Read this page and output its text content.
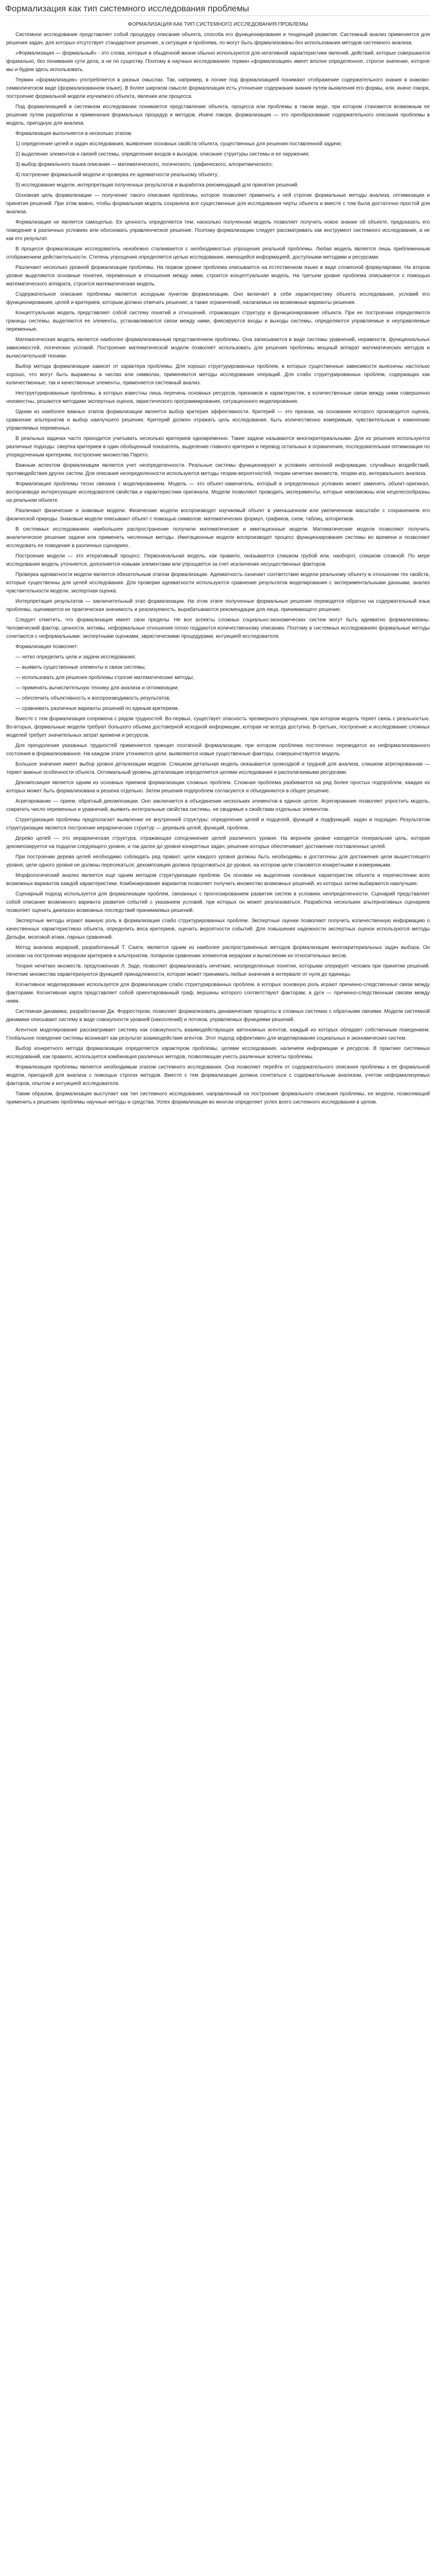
Формализация как тип системного исследования проблемы

ФОРМАЛИЗАЦИЯ КАК ТИП СИСТЕМНОГО ИССЛЕДОВАНИЯ ПРОБЛЕМЫ

Системное исследование представляет собой процедуру описания объекта, способа его функционирования и тенденций развития. Системный анализ применяется для решения задач, для которых отсутствует стандартное решение, а ситуация и проблема, по могут быть формализованы без использования методов системного анализа.

«Формализация — формальный» - это слова, которые в обыденной жизни обычно используются для негативной характеристики явлений, действий, которые совершаются формально, без понимания сути дела, а не по существу. Поэтому в научных исследованиях термин «формализация» имеет вполне определенное, строгое значение, которое мы и будем здесь использовать.

Термин «формализация» употребляется в разных смыслах. Так, например, в логике под формализацией понимают отображение содержательного знания в знаково-символическом виде (формализованном языке). В более широком смысле формализация есть уточнение содержания знания путем выявления его формы, или, иначе говоря, построение формальной модели изучаемого объекта, явления или процесса.

Под формализацией в системном исследовании понимается представление объекта, процесса или проблемы в таком виде, при котором становится возможным ее решение путем разработки и применения формальных процедур и методов. Иначе говоря, формализация — это преобразование содержательного описания проблемы в модель, пригодную для анализа.

Формализация выполняется в несколько этапов:

1) определение целей и задач исследования, выявление основных свойств объекта, существенных для решения поставленной задачи;

2) выделение элементов и связей системы, определение входов и выходов, описание структуры системы и ее окружения;

3) выбор формального языка описания — математического, логического, графического, алгоритмического;

4) построение формальной модели и проверка ее адекватности реальному объекту;

5) исследование модели, интерпретация полученных результатов и выработка рекомендаций для принятия решений.

Основная цель формализации — получение такого описания проблемы, которое позволяет применить к ней строгие формальные методы анализа, оптимизации и принятия решений. При этом важно, чтобы формальная модель сохраняла все существенные для исследования черты объекта и вместе с тем была достаточно простой для анализа.

Формализация не является самоцелью. Ее ценность определяется тем, насколько полученная модель позволяет получить новое знание об объекте, предсказать его поведение в различных условиях или обосновать управленческое решение. Поэтому формализацию следует рассматривать как инструмент системного исследования, а не как его результат.

В процессе формализации исследователь неизбежно сталкивается с необходимостью упрощения реальной проблемы. Любая модель является лишь приближенным отображением действительности. Степень упрощения определяется целью исследования, имеющейся информацией, доступными методами и ресурсами.

Различают несколько уровней формализации проблемы. На первом уровне проблема описывается на естественном языке в виде словесной формулировки. На втором уровне выделяются основные понятия, переменные и отношения между ними, строится концептуальная модель. На третьем уровне проблема описывается с помощью математического аппарата, строится математическая модель.

Содержательное описание проблемы является исходным пунктом формализации. Оно включает в себя характеристику объекта исследования, условий его функционирования, целей и критериев, которым должно отвечать решение, а также ограничений, налагаемых на возможные варианты решения.

Концептуальная модель представляет собой систему понятий и отношений, отражающих структуру и функционирование объекта. При ее построении определяются границы системы, выделяются ее элементы, устанавливаются связи между ними, фиксируются входы и выходы системы, определяются управляемые и неуправляемые переменные.

Математическая модель является наиболее формализованным представлением проблемы. Она записывается в виде системы уравнений, неравенств, функциональных зависимостей, логических условий. Построение математической модели позволяет использовать для решения проблемы мощный аппарат математических методов и вычислительной техники.

Выбор метода формализации зависит от характера проблемы. Для хорошо структурированных проблем, в которых существенные зависимости выяснены настолько хорошо, что могут быть выражены в числах или символах, применяются методы исследования операций. Для слабо структурированных проблем, содержащих как количественные, так и качественные элементы, применяется системный анализ.

Неструктурированные проблемы, в которых известны лишь перечень основных ресурсов, признаков и характеристик, а количественные связи между ними совершенно неизвестны, решаются методами экспертных оценок, эвристического программирования, ситуационного моделирования.

Одним из наиболее важных этапов формализации является выбор критерия эффективности. Критерий — это признак, на основании которого производится оценка, сравнение альтернатив и выбор наилучшего решения. Критерий должен отражать цель исследования, быть количественно измеримым, чувствительным к изменению управляемых переменных.

В реальных задачах часто приходится учитывать несколько критериев одновременно. Такие задачи называются многокритериальными. Для их решения используются различные подходы: свертка критериев в один обобщенный показатель, выделение главного критерия и перевод остальных в ограничения, последовательная оптимизация по упорядоченным критериям, построение множества Парето.

Важным аспектом формализации является учет неопределенности. Реальные системы функционируют в условиях неполной информации, случайных воздействий, противодействия других систем. Для описания неопределенности используются методы теории вероятностей, теории нечетких множеств, теории игр, интервального анализа.

Формализация проблемы тесно связана с моделированием. Модель — это объект-заменитель, который в определенных условиях может заменять объект-оригинал, воспроизводя интересующие исследователя свойства и характеристики оригинала. Модели позволяют проводить эксперименты, которые невозможны или нецелесообразны на реальном объекте.

Различают физические и знаковые модели. Физические модели воспроизводят изучаемый объект в уменьшенном или увеличенном масштабе с сохранением его физической природы. Знаковые модели описывают объект с помощью символов: математических формул, графиков, схем, таблиц, алгоритмов.

В системных исследованиях наибольшее распространение получили математические и имитационные модели. Математические модели позволяют получить аналитическое решение задачи или применить численные методы. Имитационные модели воспроизводят процесс функционирования системы во времени и позволяют исследовать ее поведение в различных сценариях.

Построение модели — это итеративный процесс. Первоначальная модель, как правило, оказывается слишком грубой или, наоборот, слишком сложной. По мере исследования модель уточняется, дополняется новыми элементами или упрощается за счет исключения несущественных факторов.

Проверка адекватности модели является обязательным этапом формализации. Адекватность означает соответствие модели реальному объекту в отношении тех свойств, которые существенны для целей исследования. Для проверки адекватности используются сравнение результатов моделирования с экспериментальными данными, анализ чувствительности модели, экспертная оценка.

Интерпретация результатов — заключительный этап формализации. На этом этапе полученные формальные решения переводятся обратно на содержательный язык проблемы, оценивается их практическая значимость и реализуемость, вырабатываются рекомендации для лица, принимающего решение.

Следует отметить, что формализация имеет свои пределы. Не все аспекты сложных социально-экономических систем могут быть адекватно формализованы. Человеческий фактор, ценности, мотивы, неформальные отношения плохо поддаются количественному описанию. Поэтому в системных исследованиях формальные методы сочетаются с неформальными: экспертными оценками, эвристическими процедурами, интуицией исследователя.

Формализация позволяет:

— четко определить цели и задачи исследования;

— выявить существенные элементы и связи системы;

— использовать для решения проблемы строгие математические методы;

— применять вычислительную технику для анализа и оптимизации;

— обеспечить объективность и воспроизводимость результатов;

— сравнивать различные варианты решений по единым критериям.

Вместе с тем формализация сопряжена с рядом трудностей. Во-первых, существует опасность чрезмерного упрощения, при котором модель теряет связь с реальностью. Во-вторых, формальные модели требуют большого объема достоверной исходной информации, которая не всегда доступна. В-третьих, построение и исследование сложных моделей требует значительных затрат времени и ресурсов.

Для преодоления указанных трудностей применяется принцип поэтапной формализации, при котором проблема постепенно переводится из неформализованного состояния в формализованное. На каждом этапе уточняются цели, выявляются новые существенные факторы, совершенствуется модель.

Большое значение имеет выбор уровня детализации модели. Слишком детальная модель оказывается громоздкой и трудной для анализа, слишком агрегированная — теряет важные особенности объекта. Оптимальный уровень детализации определяется целями исследования и располагаемыми ресурсами.

Декомпозиция является одним из основных приемов формализации сложных проблем. Сложная проблема разбивается на ряд более простых подпроблем, каждая из которых может быть формализована и решена отдельно. Затем решения подпроблем согласуются и объединяются в общее решение.

Агрегирование — прием, обратный декомпозиции. Оно заключается в объединении нескольких элементов в единое целое. Агрегирование позволяет упростить модель, сократить число переменных и уравнений, выявить интегральные свойства системы, не сводимые к свойствам отдельных элементов.

Структуризация проблемы предполагает выявление ее внутренней структуры: определение целей и подцелей, функций и подфункций, задач и подзадач. Результатом структуризации является построение иерархических структур — деревьев целей, функций, проблем.

Дерево целей — это иерархическая структура, отражающая соподчинение целей различного уровня. На верхнем уровне находится генеральная цель, которая декомпозируется на подцели следующего уровня, и так далее до уровня конкретных задач, решение которых обеспечивает достижение поставленных целей.

При построении дерева целей необходимо соблюдать ряд правил: цели каждого уровня должны быть необходимы и достаточны для достижения цели вышестоящего уровня; цели одного уровня не должны пересекаться; декомпозиция должна продолжаться до уровня, на котором цели становятся конкретными и измеримыми.

Морфологический анализ является еще одним методом структуризации проблем. Он основан на выделении основных характеристик объекта и перечислении всех возможных вариантов каждой характеристики. Комбинирование вариантов позволяет получить множество возможных решений, из которых затем выбираются наилучшие.

Сценарный подход используется для формализации проблем, связанных с прогнозированием развития систем в условиях неопределенности. Сценарий представляет собой описание возможного варианта развития событий с указанием условий, при которых он может реализоваться. Разработка нескольких альтернативных сценариев позволяет оценить диапазон возможных последствий принимаемых решений.

Экспертные методы играют важную роль в формализации слабо структурированных проблем. Экспертные оценки позволяют получить количественную информацию о качественных характеристиках объекта, определить веса критериев, оценить вероятности событий. Для повышения надежности экспертных оценок используются методы Дельфи, мозговой атаки, парных сравнений.

Метод анализа иерархий, разработанный Т. Саати, является одним из наиболее распространенных методов формализации многокритериальных задач выбора. Он основан на построении иерархии критериев и альтернатив, попарном сравнении элементов иерархии и вычислении их относительных весов.

Теория нечетких множеств, предложенная Л. Заде, позволяет формализовать нечеткие, неопределенные понятия, которыми оперирует человек при принятии решений. Нечеткие множества характеризуются функцией принадлежности, которая может принимать любые значения в интервале от нуля до единицы.

Когнитивное моделирование используется для формализации слабо структурированных проблем, в которых основную роль играют причинно-следственные связи между факторами. Когнитивная карта представляет собой ориентированный граф, вершины которого соответствуют факторам, а дуги — причинно-следственным связям между ними.

Системная динамика, разработанная Дж. Форрестером, позволяет формализовать динамические процессы в сложных системах с обратными связями. Модели системной динамики описывают систему в виде совокупности уровней (накоплений) и потоков, управляемых функциями решений.

Агентное моделирование рассматривает систему как совокупность взаимодействующих автономных агентов, каждый из которых обладает собственным поведением. Глобальное поведение системы возникает как результат взаимодействия агентов. Этот подход эффективен для моделирования социальных и экономических систем.

Выбор конкретного метода формализации определяется характером проблемы, целями исследования, наличием информации и ресурсов. В практике системных исследований, как правило, используется комбинация различных методов, позволяющая учесть различные аспекты проблемы.

Формализация проблемы является необходимым этапом системного исследования. Она позволяет перейти от содержательного описания проблемы к ее формальной модели, пригодной для анализа с помощью строгих методов. Вместе с тем формализация должна сочетаться с содержательным анализом, учетом неформализуемых факторов, опытом и интуицией исследователя.

Таким образом, формализация выступает как тип системного исследования, направленный на построение формального описания проблемы, ее модели, позволяющей применить к решению проблемы научные методы и средства. Успех формализации во многом определяет успех всего системного исследования в целом.
